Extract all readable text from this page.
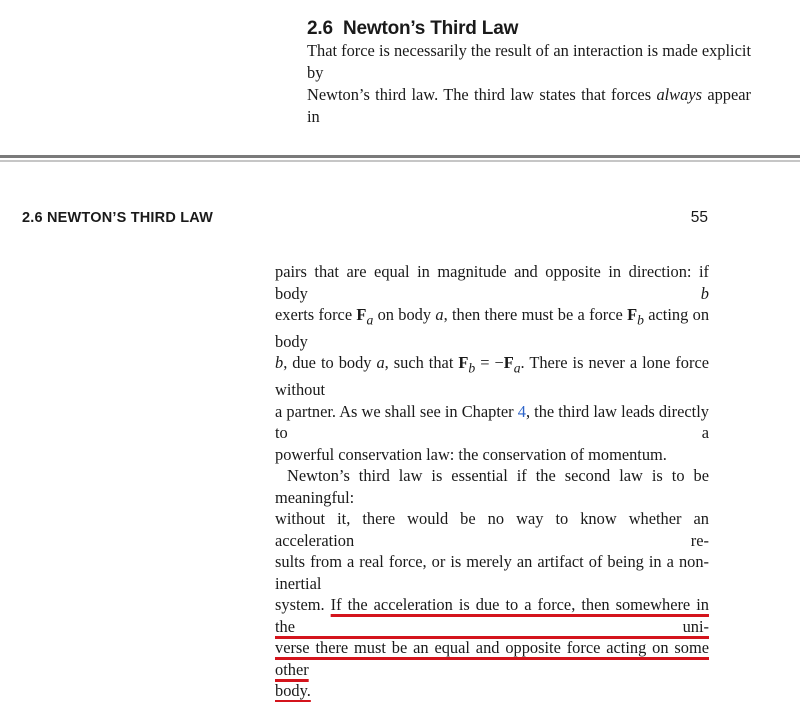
2.6 Newton’s Third Law
That force is necessarily the result of an interaction is made explicit by
Newton’s third law. The third law states that forces always appear in
2.6 NEWTON’S THIRD LAW	55
pairs that are equal in magnitude and opposite in direction: if body b
exerts force $F_a$ on body a, then there must be a force $F_b$ acting on body
b, due to body a, such that $F_b = -F_a$. There is never a lone force without
a partner. As we shall see in Chapter 4, the third law leads directly to a
powerful conservation law: the conservation of momentum.
Newton’s third law is essential if the second law is to be meaningful:
without it, there would be no way to know whether an acceleration re-
sults from a real force, or is merely an artifact of being in a non-inertial
system. If the acceleration is due to a force, then somewhere in the uni-
verse there must be an equal and opposite force acting on some other
body.
